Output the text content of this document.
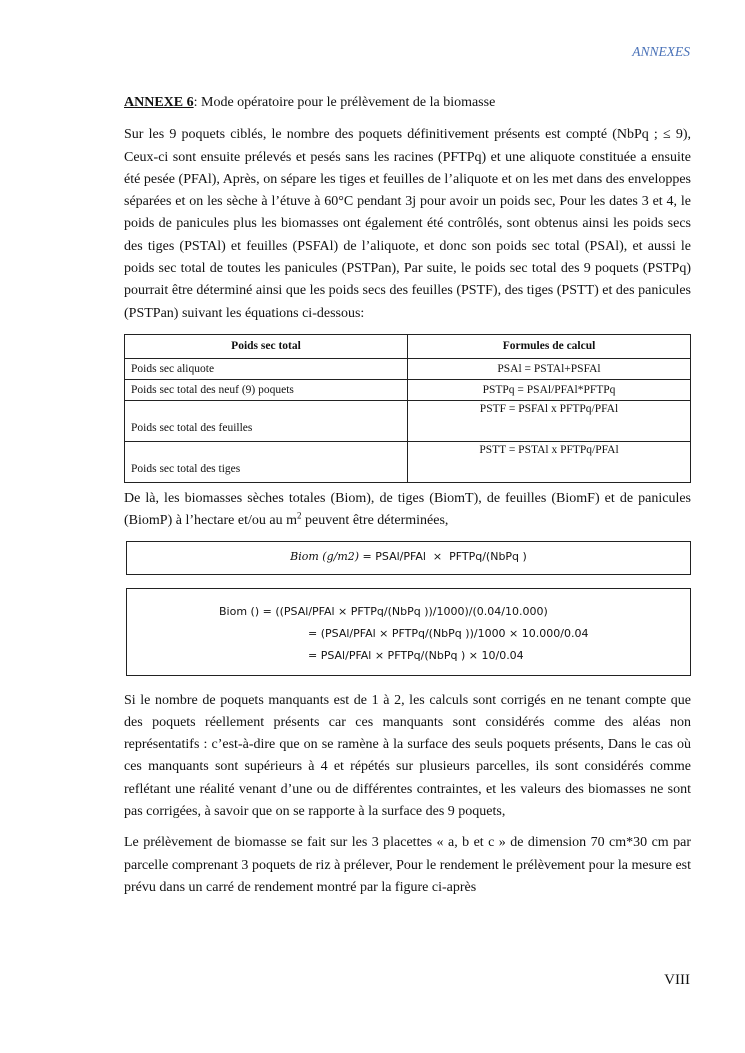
ANNEXES
ANNEXE 6: Mode opératoire pour le prélèvement de la biomasse

Sur les 9 poquets ciblés, le nombre des poquets définitivement présents est compté (NbPq ; ≤ 9), Ceux-ci sont ensuite prélevés et pesés sans les racines (PFTPq) et une aliquote constituée a ensuite été pesée (PFAl), Après, on sépare les tiges et feuilles de l’aliquote et on les met dans des enveloppes séparées et on les sèche à l’étuve à 60°C pendant 3j pour avoir un poids sec, Pour les dates 3 et 4, le poids de panicules plus les biomasses ont également été contrôlés, sont obtenus ainsi les poids secs des tiges (PSTAl) et feuilles (PSFAl) de l’aliquote, et donc son poids sec total (PSAl), et aussi le poids sec total de toutes les panicules (PSTPan), Par suite, le poids sec total des 9 poquets (PSTPq) pourrait être déterminé ainsi que les poids secs des feuilles (PSTF), des tiges (PSTT) et des panicules (PSTPan) suivant les équations ci-dessous:

Poids sec total	Formules de calcul
Poids sec aliquote	PSAl = PSTAl+PSFAl
Poids sec total des neuf (9) poquets	PSTPq = PSAl/PFAl*PFTPq
Poids sec total des feuilles	PSTF = PSFAl x PFTPq/PFAl
Poids sec total des tiges	PSTT = PSTAl x PFTPq/PFAl

De là, les biomasses sèches totales (Biom), de tiges (BiomT), de feuilles (BiomF) et de panicules (BiomP) à l’hectare et/ou au $m^2$ peuvent être déterminées,

Biom (g/m2) = PSAl/PFAl  ×  PFTPq/(NbPq )
Biom () = ((PSAl/PFAl × PFTPq/(NbPq ))/1000)/(0.04/10.000)
= (PSAl/PFAl × PFTPq/(NbPq ))/1000 × 10.000/0.04
= PSAl/PFAl × PFTPq/(NbPq ) × 10/0.04

Si le nombre de poquets manquants est de 1 à 2, les calculs sont corrigés en ne tenant compte que des poquets réellement présents car ces manquants sont considérés comme des aléas non représentatifs : c’est-à-dire que on se ramène à la surface des seuls poquets présents, Dans le cas où ces manquants sont supérieurs à 4 et répétés sur plusieurs parcelles, ils sont considérés comme reflétant une réalité venant d’une ou de différentes contraintes, et les valeurs des biomasses ne sont pas corrigées, à savoir que on se rapporte à la surface des 9 poquets,

Le prélèvement de biomasse se fait sur les 3 placettes « a, b et c » de dimension 70 cm*30 cm par parcelle comprenant 3 poquets de riz à prélever, Pour le rendement le prélèvement pour la mesure est prévu dans un carré de rendement montré par la figure ci-après

VIII
